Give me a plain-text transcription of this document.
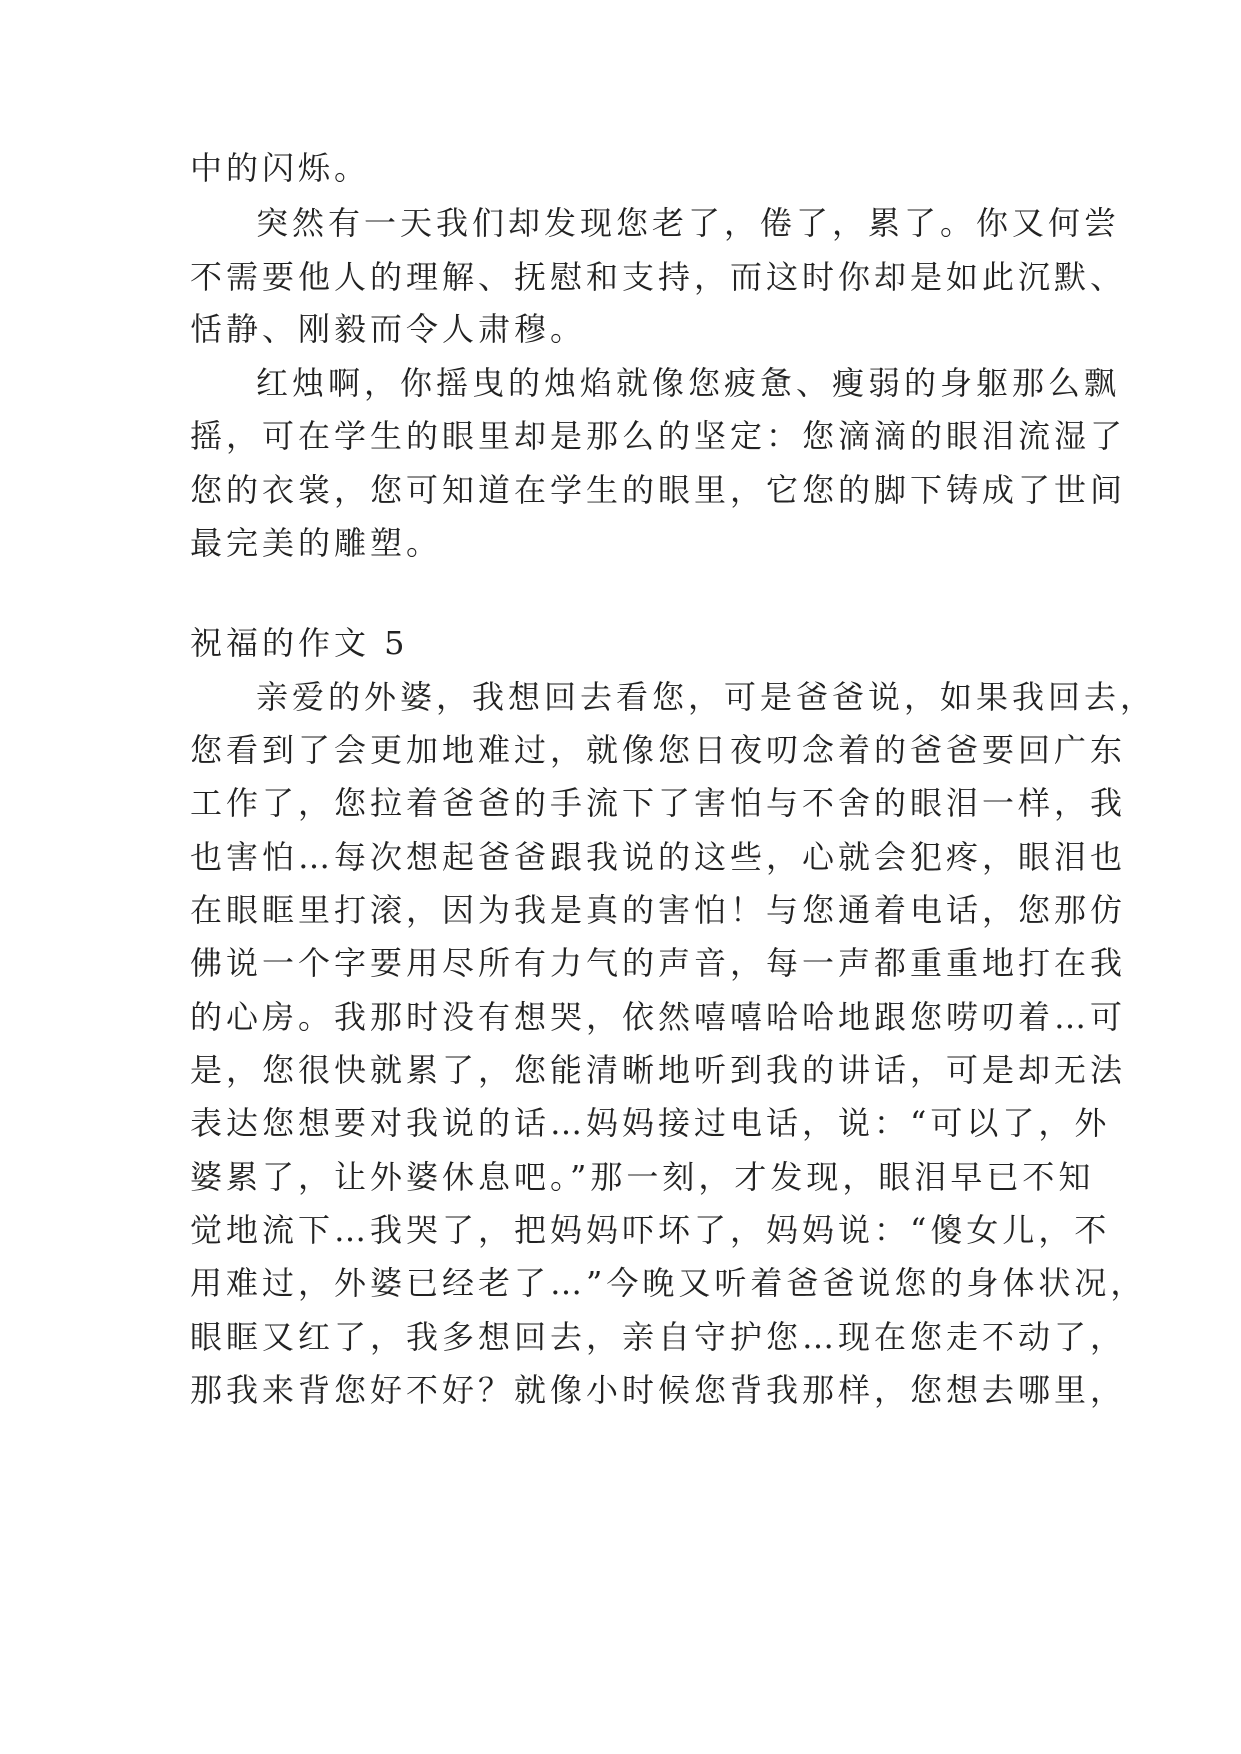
中的闪烁。
突然有一天我们却发现您老了，倦了，累了。你又何尝
不需要他人的理解、抚慰和支持，而这时你却是如此沉默、
恬静、刚毅而令人肃穆。
红烛啊，你摇曳的烛焰就像您疲惫、瘦弱的身躯那么飘
摇，可在学生的眼里却是那么的坚定：您滴滴的眼泪流湿了
您的衣裳，您可知道在学生的眼里，它您的脚下铸成了世间
最完美的雕塑。
祝福的作文 5
亲爱的外婆，我想回去看您，可是爸爸说，如果我回去，
您看到了会更加地难过，就像您日夜叨念着的爸爸要回广东
工作了，您拉着爸爸的手流下了害怕与不舍的眼泪一样，我
也害怕…每次想起爸爸跟我说的这些，心就会犯疼，眼泪也
在眼眶里打滚，因为我是真的害怕！与您通着电话，您那仿
佛说一个字要用尽所有力气的声音，每一声都重重地打在我
的心房。我那时没有想哭，依然嘻嘻哈哈地跟您唠叨着…可
是，您很快就累了，您能清晰地听到我的讲话，可是却无法
表达您想要对我说的话…妈妈接过电话，说：“可以了，外
婆累了，让外婆休息吧。”那一刻，才发现，眼泪早已不知
觉地流下…我哭了，把妈妈吓坏了，妈妈说：“傻女儿，不
用难过，外婆已经老了…”今晚又听着爸爸说您的身体状况，
眼眶又红了，我多想回去，亲自守护您…现在您走不动了，
那我来背您好不好？就像小时候您背我那样，您想去哪里，
